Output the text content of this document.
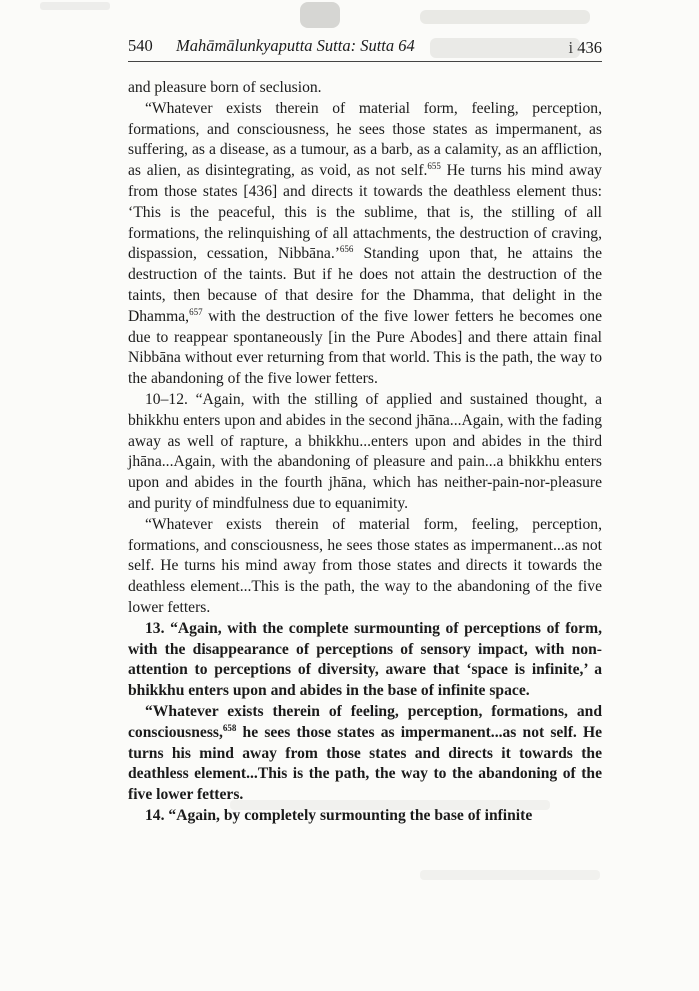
540 Mahāmālunkyaputta Sutta: Sutta 64	i 436

and pleasure born of seclusion.

“Whatever exists therein of material form, feeling, perception, formations, and consciousness, he sees those states as impermanent, as suffering, as a disease, as a tumour, as a barb, as a calamity, as an affliction, as alien, as disintegrating, as void, as not self.$^{655}$ He turns his mind away from those states [436] and directs it towards the deathless element thus: ‘This is the peaceful, this is the sublime, that is, the stilling of all formations, the relinquishing of all attachments, the destruction of craving, dispassion, cessation, Nibbāna.’$^{656}$ Standing upon that, he attains the destruction of the taints. But if he does not attain the destruction of the taints, then because of that desire for the Dhamma, that delight in the Dhamma,$^{657}$ with the destruction of the five lower fetters he becomes one due to reappear spontaneously [in the Pure Abodes] and there attain final Nibbāna without ever returning from that world. This is the path, the way to the abandoning of the five lower fetters.

10–12. “Again, with the stilling of applied and sustained thought, a bhikkhu enters upon and abides in the second jhāna...Again, with the fading away as well of rapture, a bhikkhu...enters upon and abides in the third jhāna...Again, with the abandoning of pleasure and pain...a bhikkhu enters upon and abides in the fourth jhāna, which has neither-pain-nor-pleasure and purity of mindfulness due to equanimity.

“Whatever exists therein of material form, feeling, perception, formations, and consciousness, he sees those states as impermanent...as not self. He turns his mind away from those states and directs it towards the deathless element...This is the path, the way to the abandoning of the five lower fetters.

13. “Again, with the complete surmounting of perceptions of form, with the disappearance of perceptions of sensory impact, with non-attention to perceptions of diversity, aware that ‘space is infinite,’ a bhikkhu enters upon and abides in the base of infinite space.

“Whatever exists therein of feeling, perception, formations, and consciousness,$^{658}$ he sees those states as impermanent...as not self. He turns his mind away from those states and directs it towards the deathless element...This is the path, the way to the abandoning of the five lower fetters.

14. “Again, by completely surmounting the base of infinite
